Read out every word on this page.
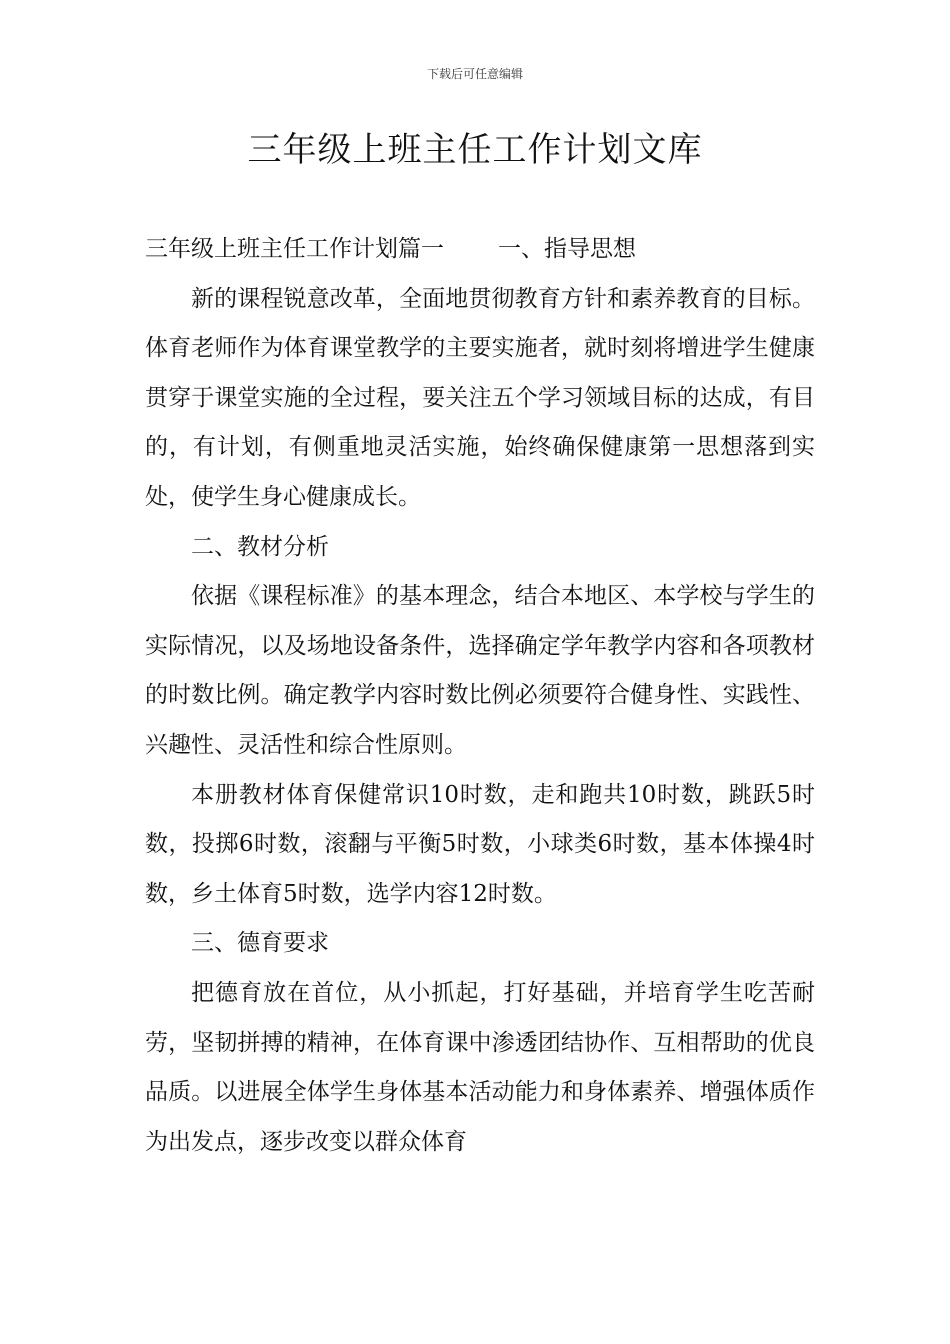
下载后可任意编辑
三年级上班主任工作计划文库

三年级上班主任工作计划篇一 一、指导思想

新的课程锐意改革，全面地贯彻教育方针和素养教育的目标。体育老师作为体育课堂教学的主要实施者，就时刻将增进学生健康贯穿于课堂实施的全过程，要关注五个学习领域目标的达成，有目的，有计划，有侧重地灵活实施，始终确保健康第一思想落到实处，使学生身心健康成长。

二、教材分析

依据《课程标准》的基本理念，结合本地区、本学校与学生的实际情况，以及场地设备条件，选择确定学年教学内容和各项教材的时数比例。确定教学内容时数比例必须要符合健身性、实践性、兴趣性、灵活性和综合性原则。

本册教材体育保健常识10时数，走和跑共10时数，跳跃5时数，投掷6时数，滚翻与平衡5时数，小球类6时数，基本体操4时数，乡土体育5时数，选学内容12时数。

三、德育要求

把德育放在首位，从小抓起，打好基础，并培育学生吃苦耐劳，坚韧拼搏的精神，在体育课中渗透团结协作、互相帮助的优良品质。以进展全体学生身体基本活动能力和身体素养、增强体质作为出发点，逐步改变以群众体育
